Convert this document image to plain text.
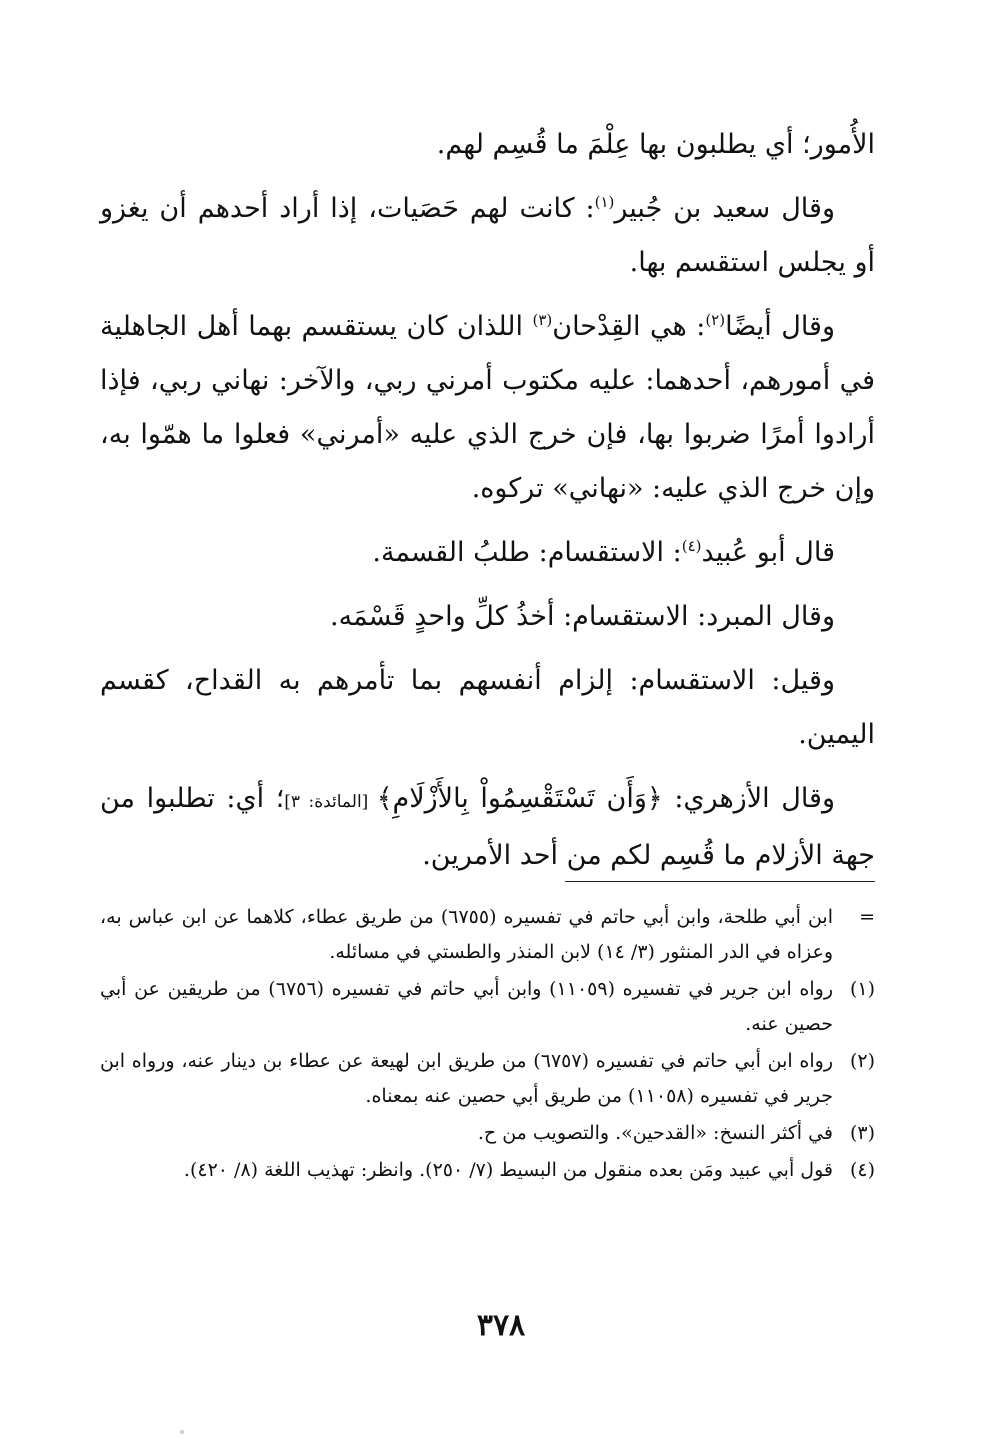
الأُمور؛ أي يطلبون بها عِلْمَ ما قُسِم لهم.

وقال سعيد بن جُبير$^{(١)}$: كانت لهم حَصَيات، إذا أراد أحدهم أن يغزو أو يجلس استقسم بها.

وقال أيضًا$^{(٢)}$: هي القِدْحان$^{(٣)}$ اللذان كان يستقسم بهما أهل الجاهلية في أمورهم، أحدهما: عليه مكتوب أمرني ربي، والآخر: نهاني ربي، فإذا أرادوا أمرًا ضربوا بها، فإن خرج الذي عليه «أمرني» فعلوا ما همّوا به، وإن خرج الذي عليه: «نهاني» تركوه.

قال أبو عُبيد$^{(٤)}$: الاستقسام: طلبُ القسمة.

وقال المبرد: الاستقسام: أخذُ كلِّ واحدٍ قَسْمَه.

وقيل: الاستقسام: إلزام أنفسهم بما تأمرهم به القداح، كقسم اليمين.

وقال الأزهري: ﴿وَأَن تَسْتَقْسِمُواْ بِالأَزْلَامِ﴾ [المائدة: ٣]؛ أي: تطلبوا من جهة الأزلام ما قُسِم لكم من أحد الأمرين.

=
ابن أبي طلحة، وابن أبي حاتم في تفسيره (٦٧٥٥) من طريق عطاء، كلاهما عن ابن عباس به، وعزاه في الدر المنثور (٣/ ١٤) لابن المنذر والطستي في مسائله.
(١)
رواه ابن جرير في تفسيره (١١٠٥٩) وابن أبي حاتم في تفسيره (٦٧٥٦) من طريقين عن أبي حصين عنه.
(٢)
رواه ابن أبي حاتم في تفسيره (٦٧٥٧) من طريق ابن لهيعة عن عطاء بن دينار عنه، ورواه ابن جرير في تفسيره (١١٠٥٨) من طريق أبي حصين عنه بمعناه.
(٣)
في أكثر النسخ: «القدحين». والتصويب من ح.
(٤)
قول أبي عبيد ومَن بعده منقول من البسيط (٧/ ٢٥٠). وانظر: تهذيب اللغة (٨/ ٤٢٠).
٣٧٨
